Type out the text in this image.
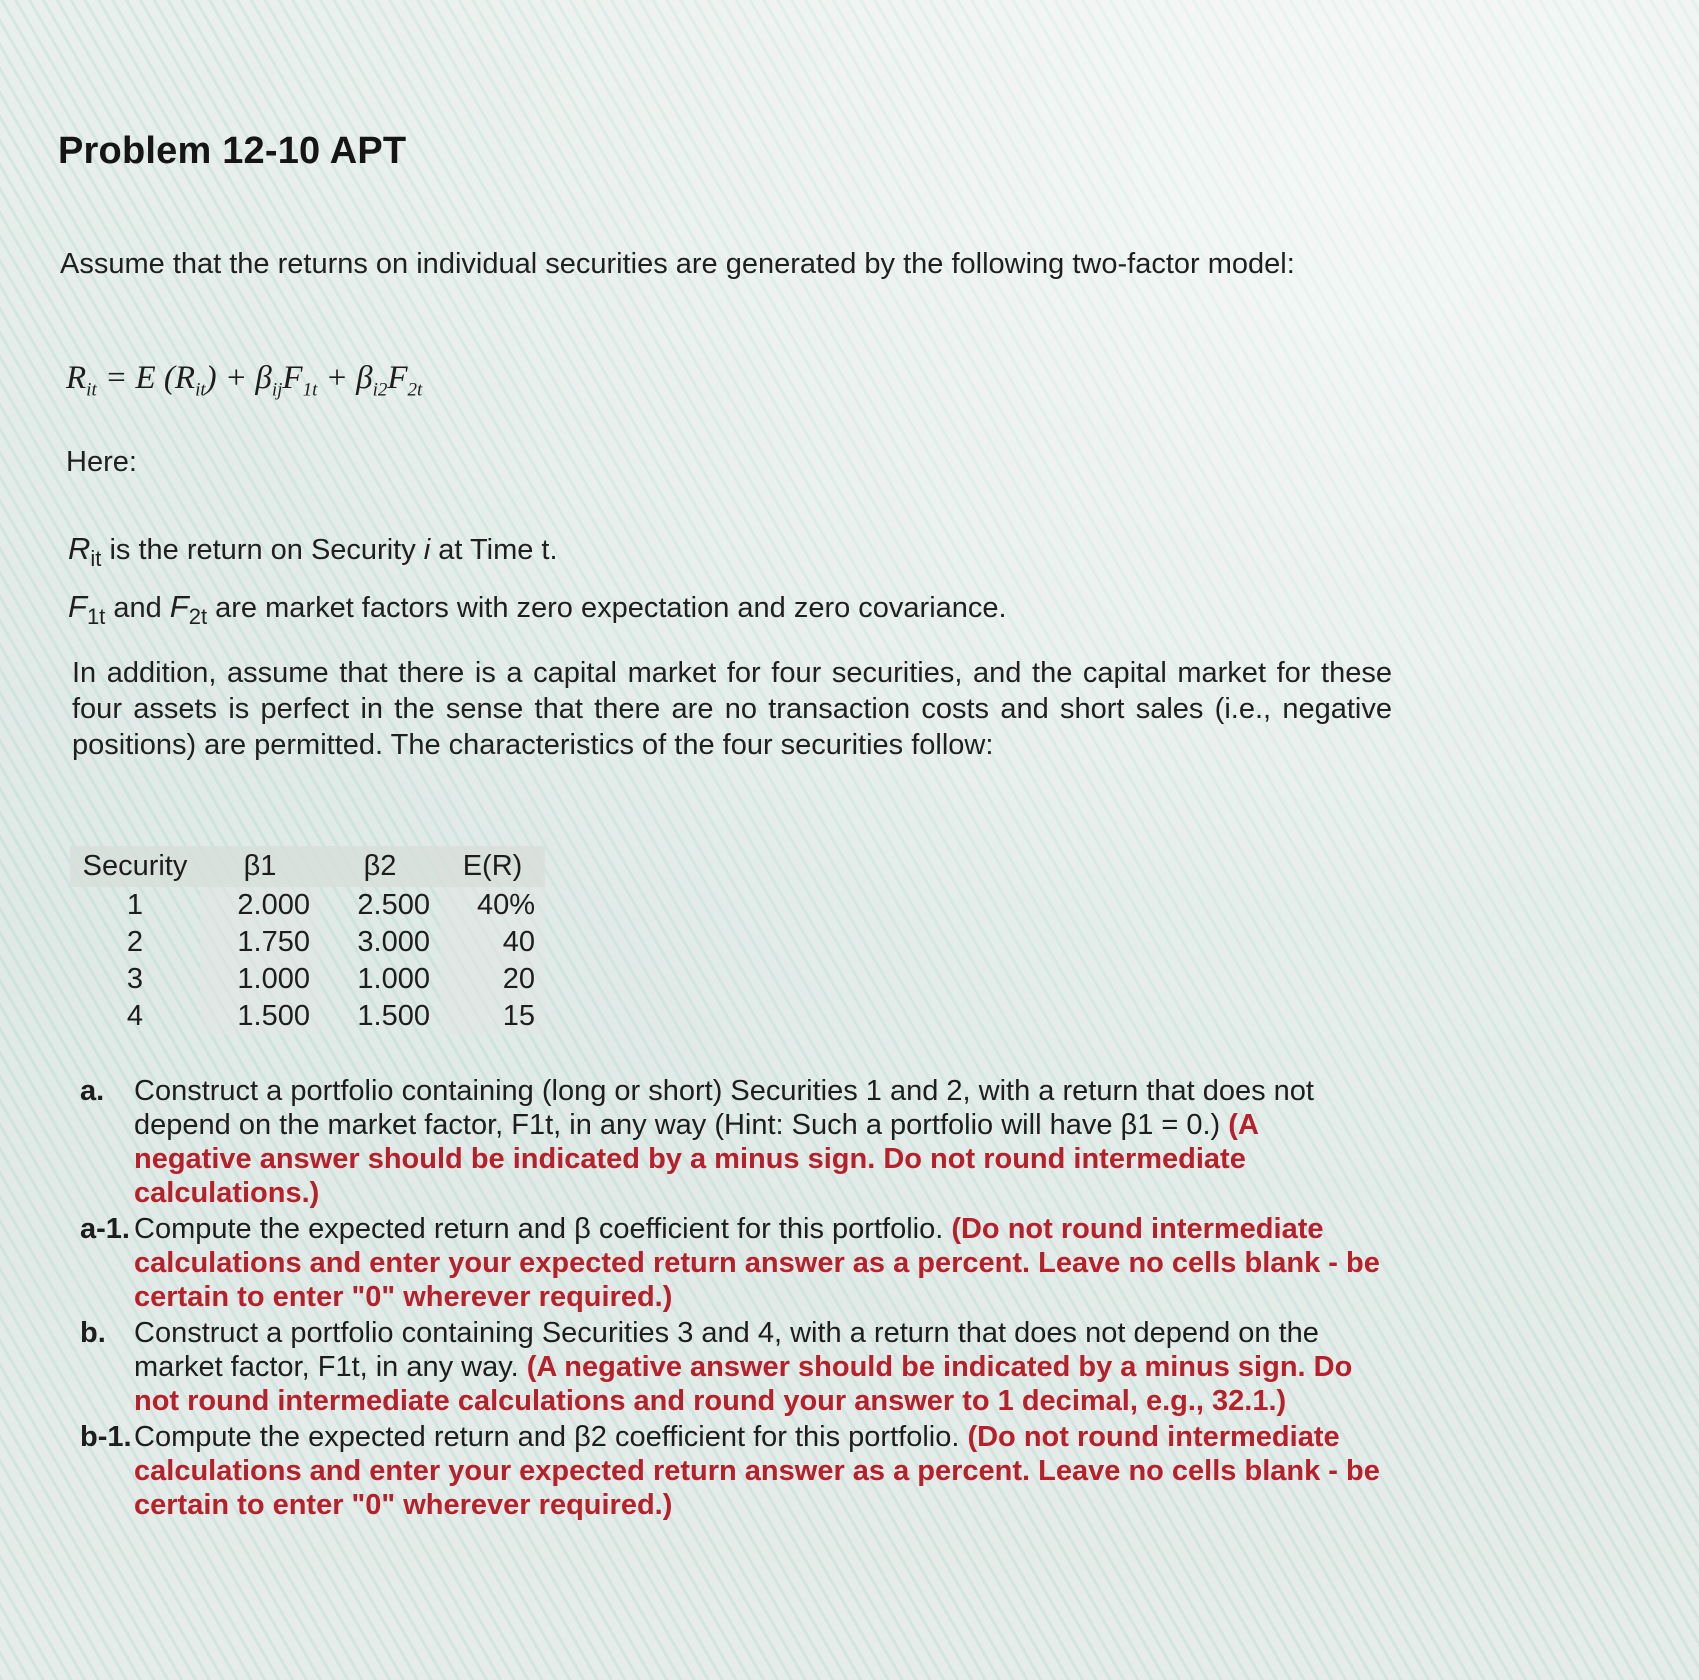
Problem 12-10 APT
Assume that the returns on individual securities are generated by the following two-factor model:
$R_{it} = E$ $(R_{it}) + \beta_{ij}F_{1t} + \beta_{i2}F_{2t}$
Here:
$R_{it}$ is the return on Security i at Time t.
$F_{1t}$ and $F_{2t}$ are market factors with zero expectation and zero covariance.
In addition, assume that there is a capital market for four securities, and the capital market for these four assets is perfect in the sense that there are no transaction costs and short sales (i.e., negative positions) are permitted. The characteristics of the four securities follow:
Security	β1	β2	E(R)
1	2.000	2.500	40%
2	1.750	3.000	40
3	1.000	1.000	20
4	1.500	1.500	15
a.	Construct a portfolio containing (long or short) Securities 1 and 2, with a return that does not depend on the market factor, F1t, in any way (Hint: Such a portfolio will have β1 = 0.) (A negative answer should be indicated by a minus sign. Do not round intermediate calculations.)
a-1. Compute the expected return and β coefficient for this portfolio. (Do not round intermediate calculations and enter your expected return answer as a percent. Leave no cells blank - be certain to enter "0" wherever required.)
b. Construct a portfolio containing Securities 3 and 4, with a return that does not depend on the market factor, F1t, in any way. (A negative answer should be indicated by a minus sign. Do not round intermediate calculations and round your answer to 1 decimal, e.g., 32.1.)
b-1. Compute the expected return and β2 coefficient for this portfolio. (Do not round intermediate calculations and enter your expected return answer as a percent. Leave no cells blank - be certain to enter "0" wherever required.)
